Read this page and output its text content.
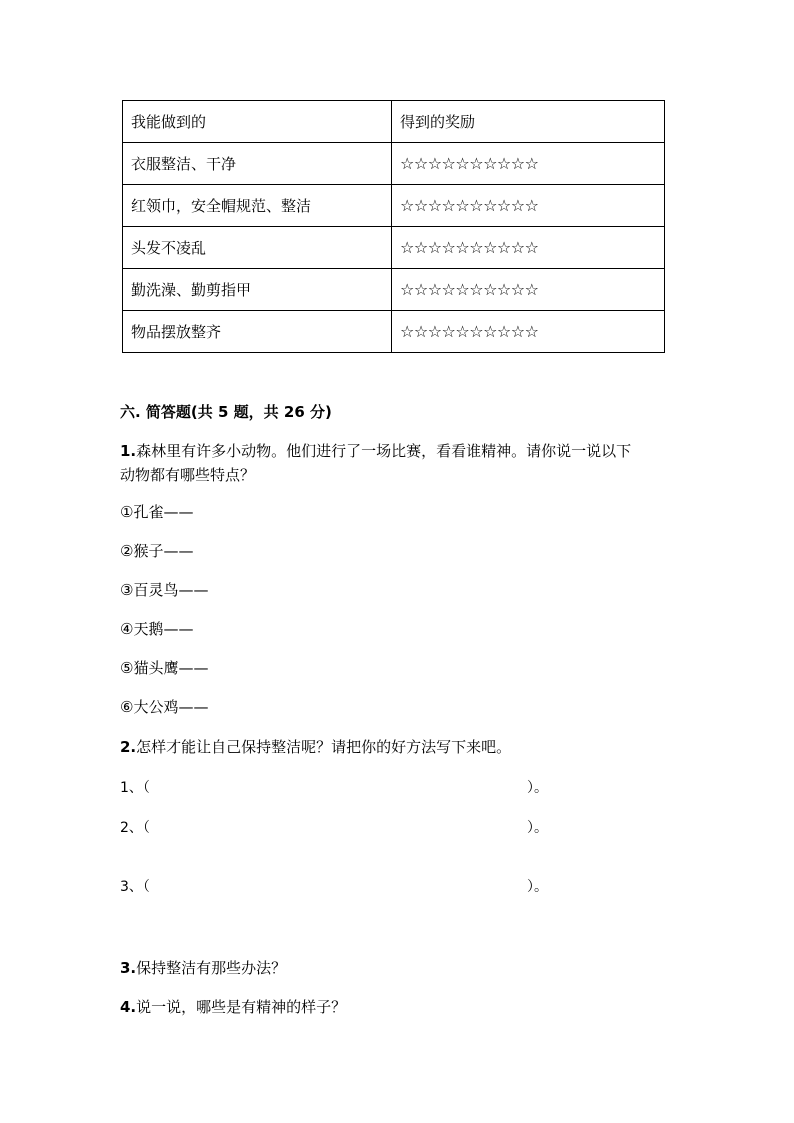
我能做到的	得到的奖励
衣服整洁、干净	☆☆☆☆☆☆☆☆☆☆
红领巾，安全帽规范、整洁	☆☆☆☆☆☆☆☆☆☆
头发不凌乱	☆☆☆☆☆☆☆☆☆☆
勤洗澡、勤剪指甲	☆☆☆☆☆☆☆☆☆☆
物品摆放整齐	☆☆☆☆☆☆☆☆☆☆
六. 简答题(共 5 题，共 26 分)
1.森林里有许多小动物。他们进行了一场比赛，看看谁精神。请你说一说以下
动物都有哪些特点？
①孔雀——
②猴子——
③百灵鸟——
④天鹅——
⑤猫头鹰——
⑥大公鸡——
2.怎样才能让自己保持整洁呢？请把你的好方法写下来吧。
1、（	）。
2、（	）。
3、（	）。
3.保持整洁有那些办法？
4.说一说，哪些是有精神的样子？
